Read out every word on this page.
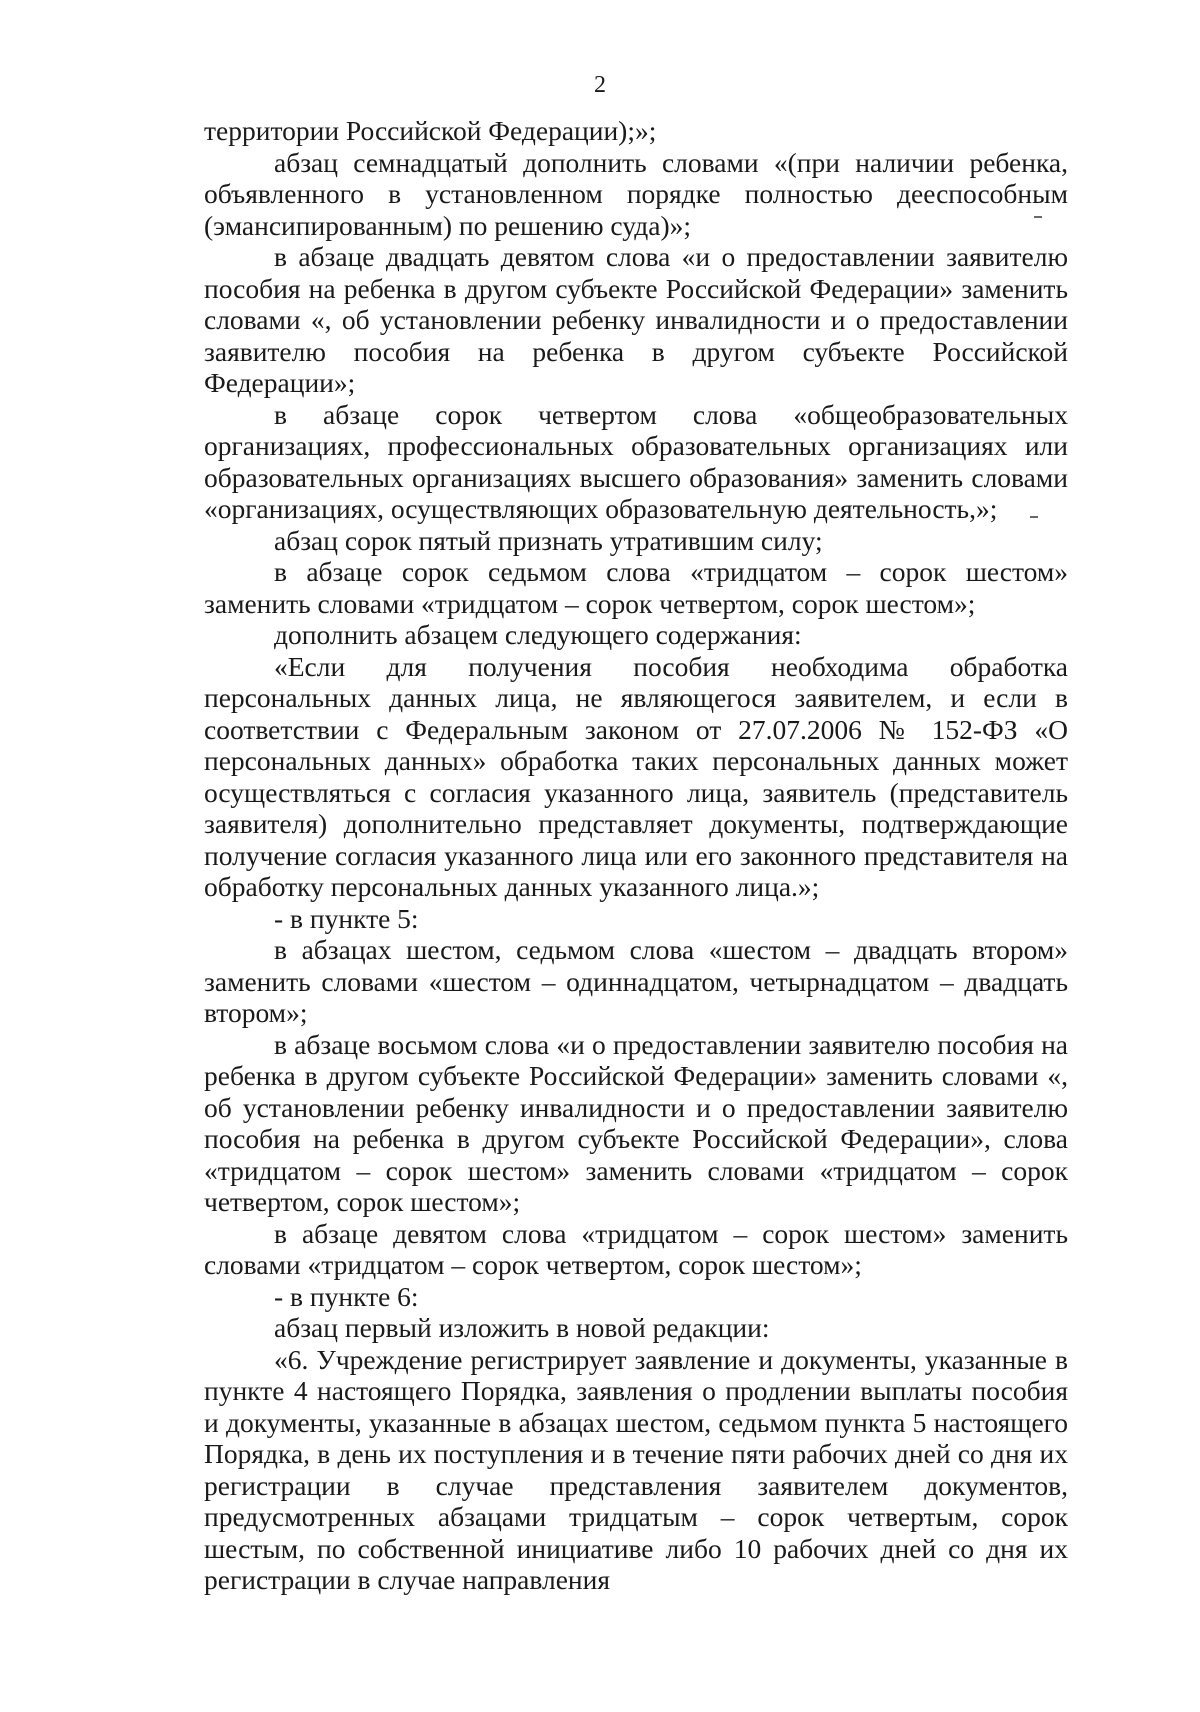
2

территории Российской Федерации);»;

абзац семнадцатый дополнить словами «(при наличии ребенка, объявленного в установленном порядке полностью дееспособным (эмансипированным) по решению суда)»;

в абзаце двадцать девятом слова «и о предоставлении заявителю пособия на ребенка в другом субъекте Российской Федерации» заменить словами «, об установлении ребенку инвалидности и о предоставлении заявителю пособия на ребенка в другом субъекте Российской Федерации»;

в абзаце сорок четвертом слова «общеобразовательных организациях, профессиональных образовательных организациях или образовательных организациях высшего образования» заменить словами «организациях, осуществляющих образовательную деятельность,»;

абзац сорок пятый признать утратившим силу;

в абзаце сорок седьмом слова «тридцатом – сорок шестом» заменить словами «тридцатом – сорок четвертом, сорок шестом»;

дополнить абзацем следующего содержания:

«Если для получения пособия необходима обработка персональных данных лица, не являющегося заявителем, и если в соответствии с Федеральным законом от 27.07.2006 № 152-ФЗ «О персональных данных» обработка таких персональных данных может осуществляться с согласия указанного лица, заявитель (представитель заявителя) дополнительно представляет документы, подтверждающие получение согласия указанного лица или его законного представителя на обработку персональных данных указанного лица.»;

- в пункте 5:

в абзацах шестом, седьмом слова «шестом – двадцать втором» заменить словами «шестом – одиннадцатом, четырнадцатом – двадцать втором»;

в абзаце восьмом слова «и о предоставлении заявителю пособия на ребенка в другом субъекте Российской Федерации» заменить словами «, об установлении ребенку инвалидности и о предоставлении заявителю пособия на ребенка в другом субъекте Российской Федерации», слова «тридцатом – сорок шестом» заменить словами «тридцатом – сорок четвертом, сорок шестом»;

в абзаце девятом слова «тридцатом – сорок шестом» заменить словами «тридцатом – сорок четвертом, сорок шестом»;

- в пункте 6:

абзац первый изложить в новой редакции:

«6. Учреждение регистрирует заявление и документы, указанные в пункте 4 настоящего Порядка, заявления о продлении выплаты пособия и документы, указанные в абзацах шестом, седьмом пункта 5 настоящего Порядка, в день их поступления и в течение пяти рабочих дней со дня их регистрации в случае представления заявителем документов, предусмотренных абзацами тридцатым – сорок четвертым, сорок шестым, по собственной инициативе либо 10 рабочих дней со дня их регистрации в случае направления
